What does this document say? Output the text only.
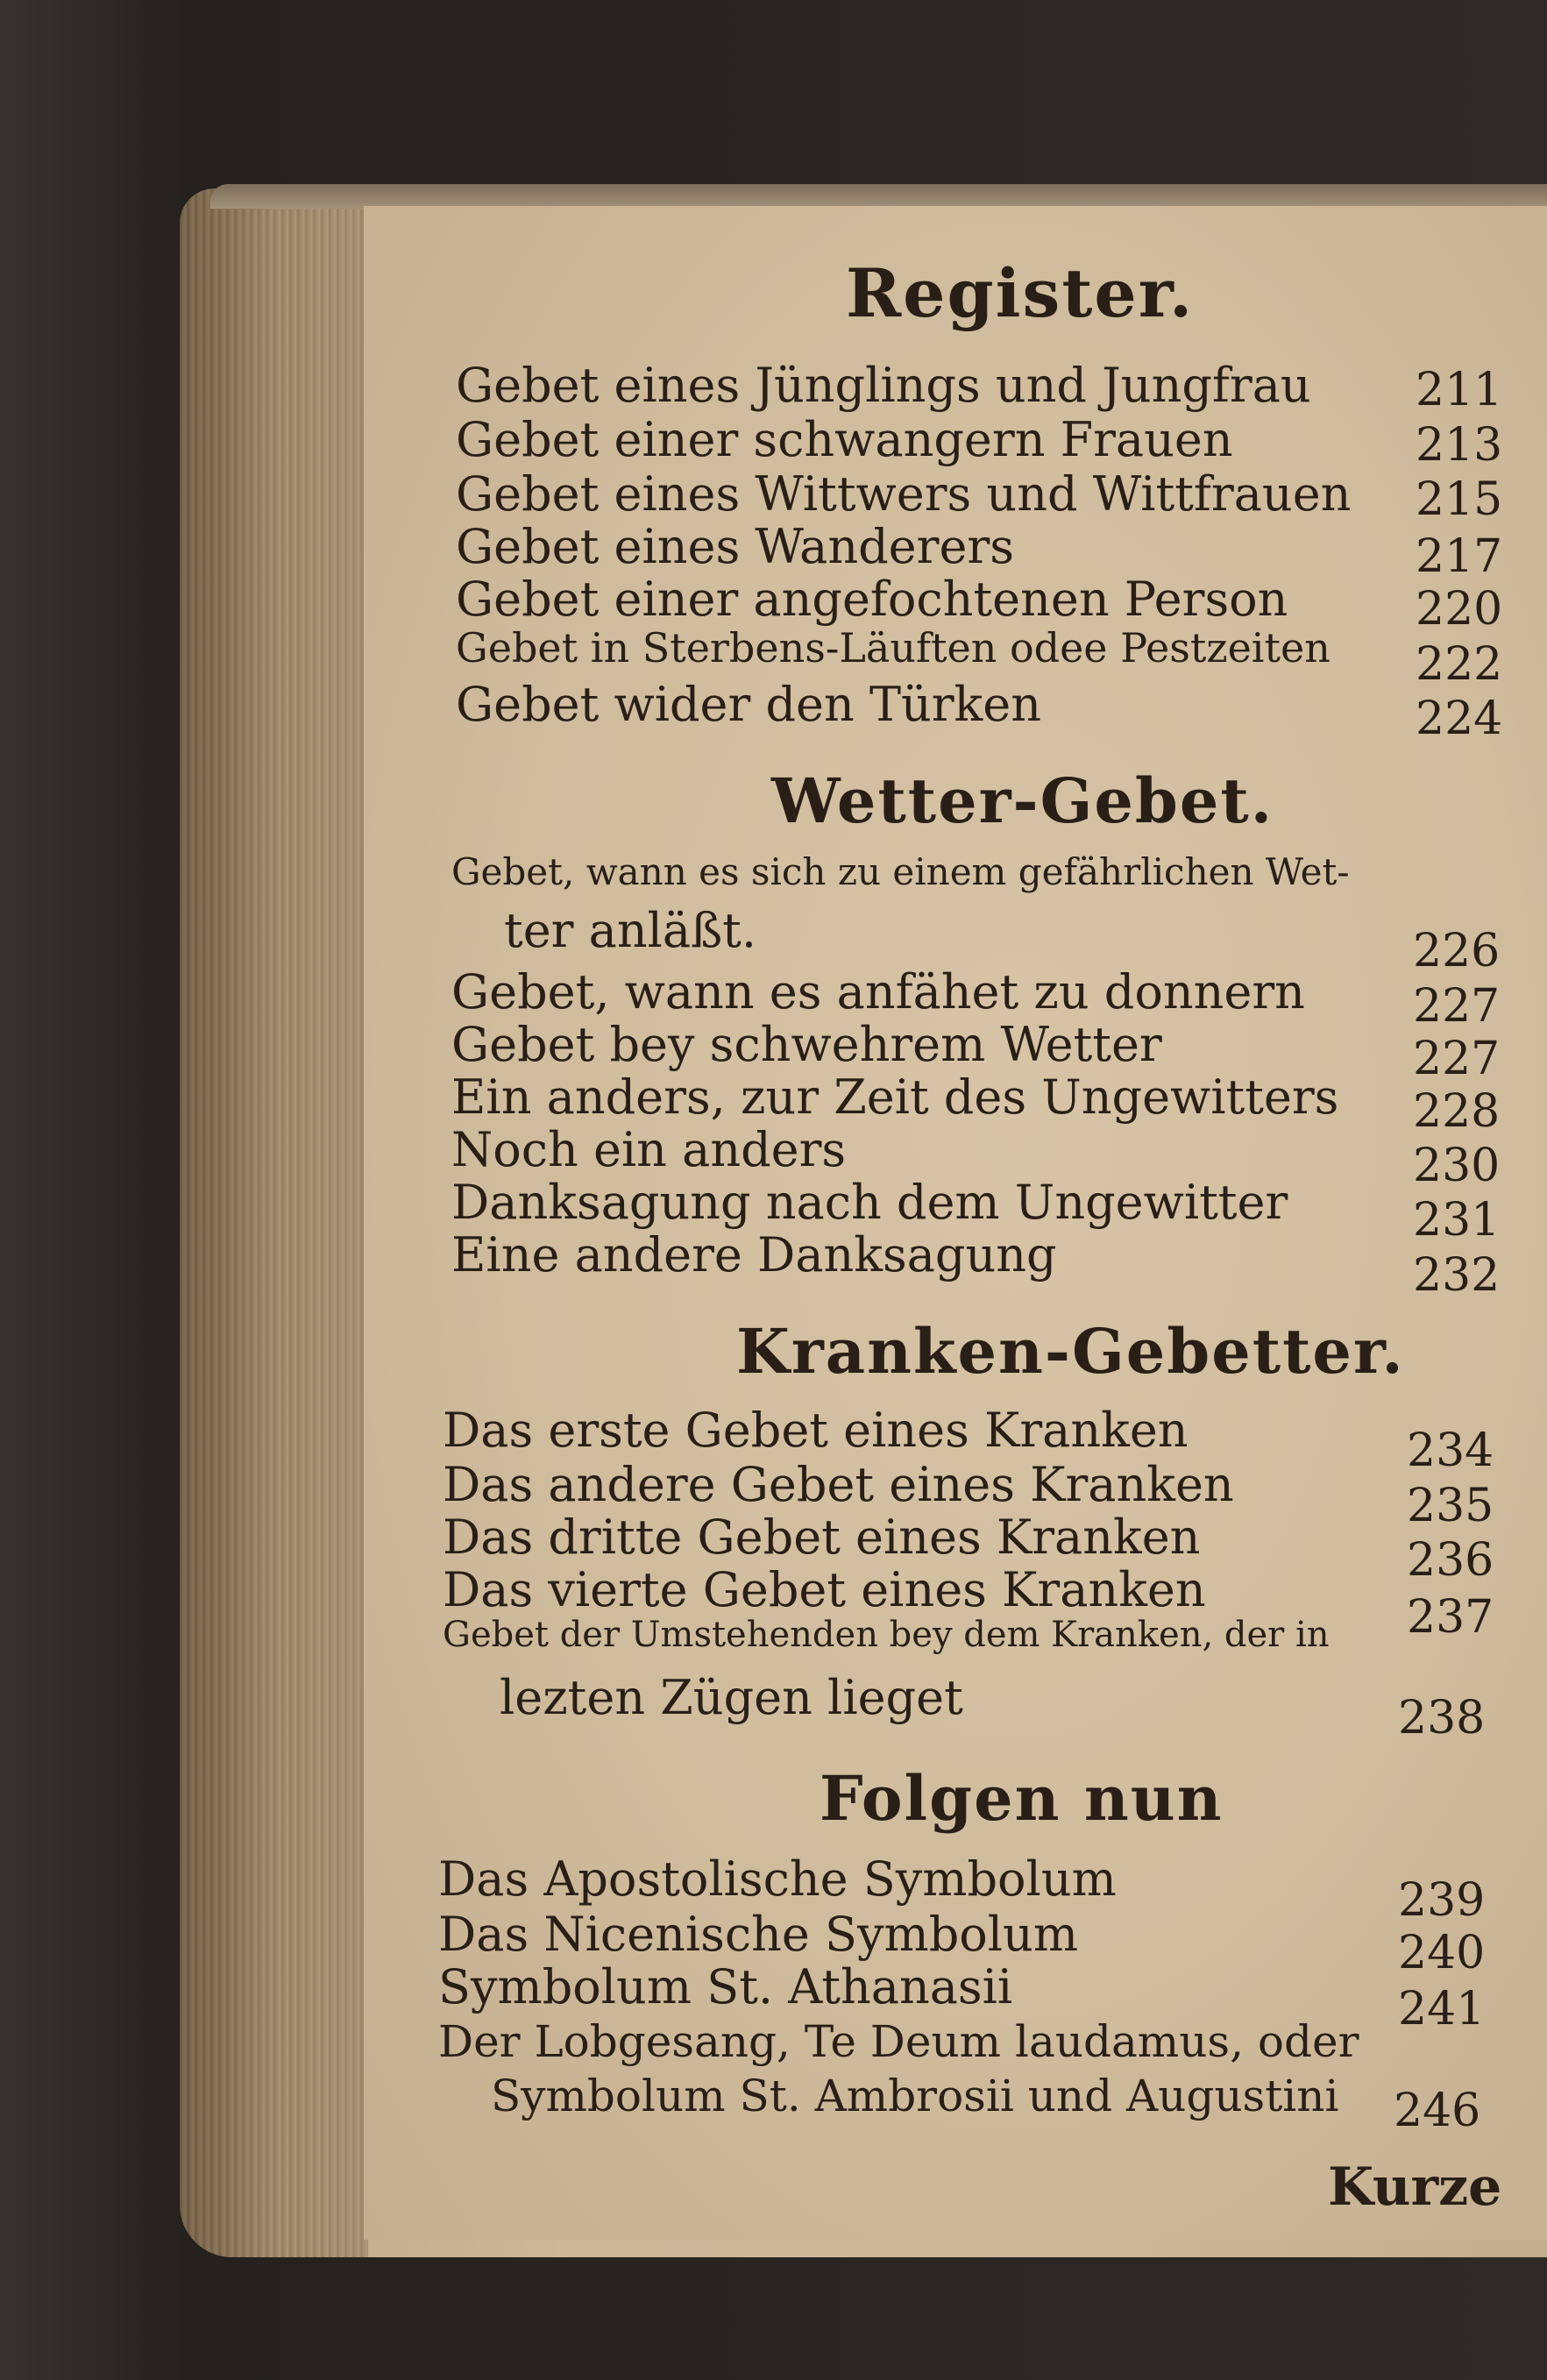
Register.
Gebet eines Jünglings und Jungfrau 211
Gebet einer schwangern Frauen	213
Gebet eines Wittwers und Wittfrauen 215
Gebet eines Wanderers	217
Gebet einer angefochtenen Person	220
Gebet in Sterbens-Läuften odee Pestzeiten 222
Gebet wider den Türken	224
Wetter-Gebet.
Gebet, wann es sich zu einem gefährlichen Wet-
ter anläßt.	226
Gebet, wann es anfähet zu donnern 227
Gebet bey schwehrem Wetter	227
Ein anders, zur Zeit des Ungewitters 228
Noch ein anders	230
Danksagung nach dem Ungewitter	231
Eine andere Danksagung	232
Kranken-Gebetter.
Das erste Gebet eines Kranken	234
Das andere Gebet eines Kranken	235
Das dritte Gebet eines Kranken	236
Das vierte Gebet eines Kranken	237
Gebet der Umstehenden bey dem Kranken, der in
lezten Zügen lieget	238
Folgen nun
Das Apostolische Symbolum	239
Das Nicenische Symbolum	240
Symbolum St. Athanasii	241
Der Lobgesang, Te Deum laudamus, oder
Symbolum St. Ambrosii und Augustini 246
Kurze
